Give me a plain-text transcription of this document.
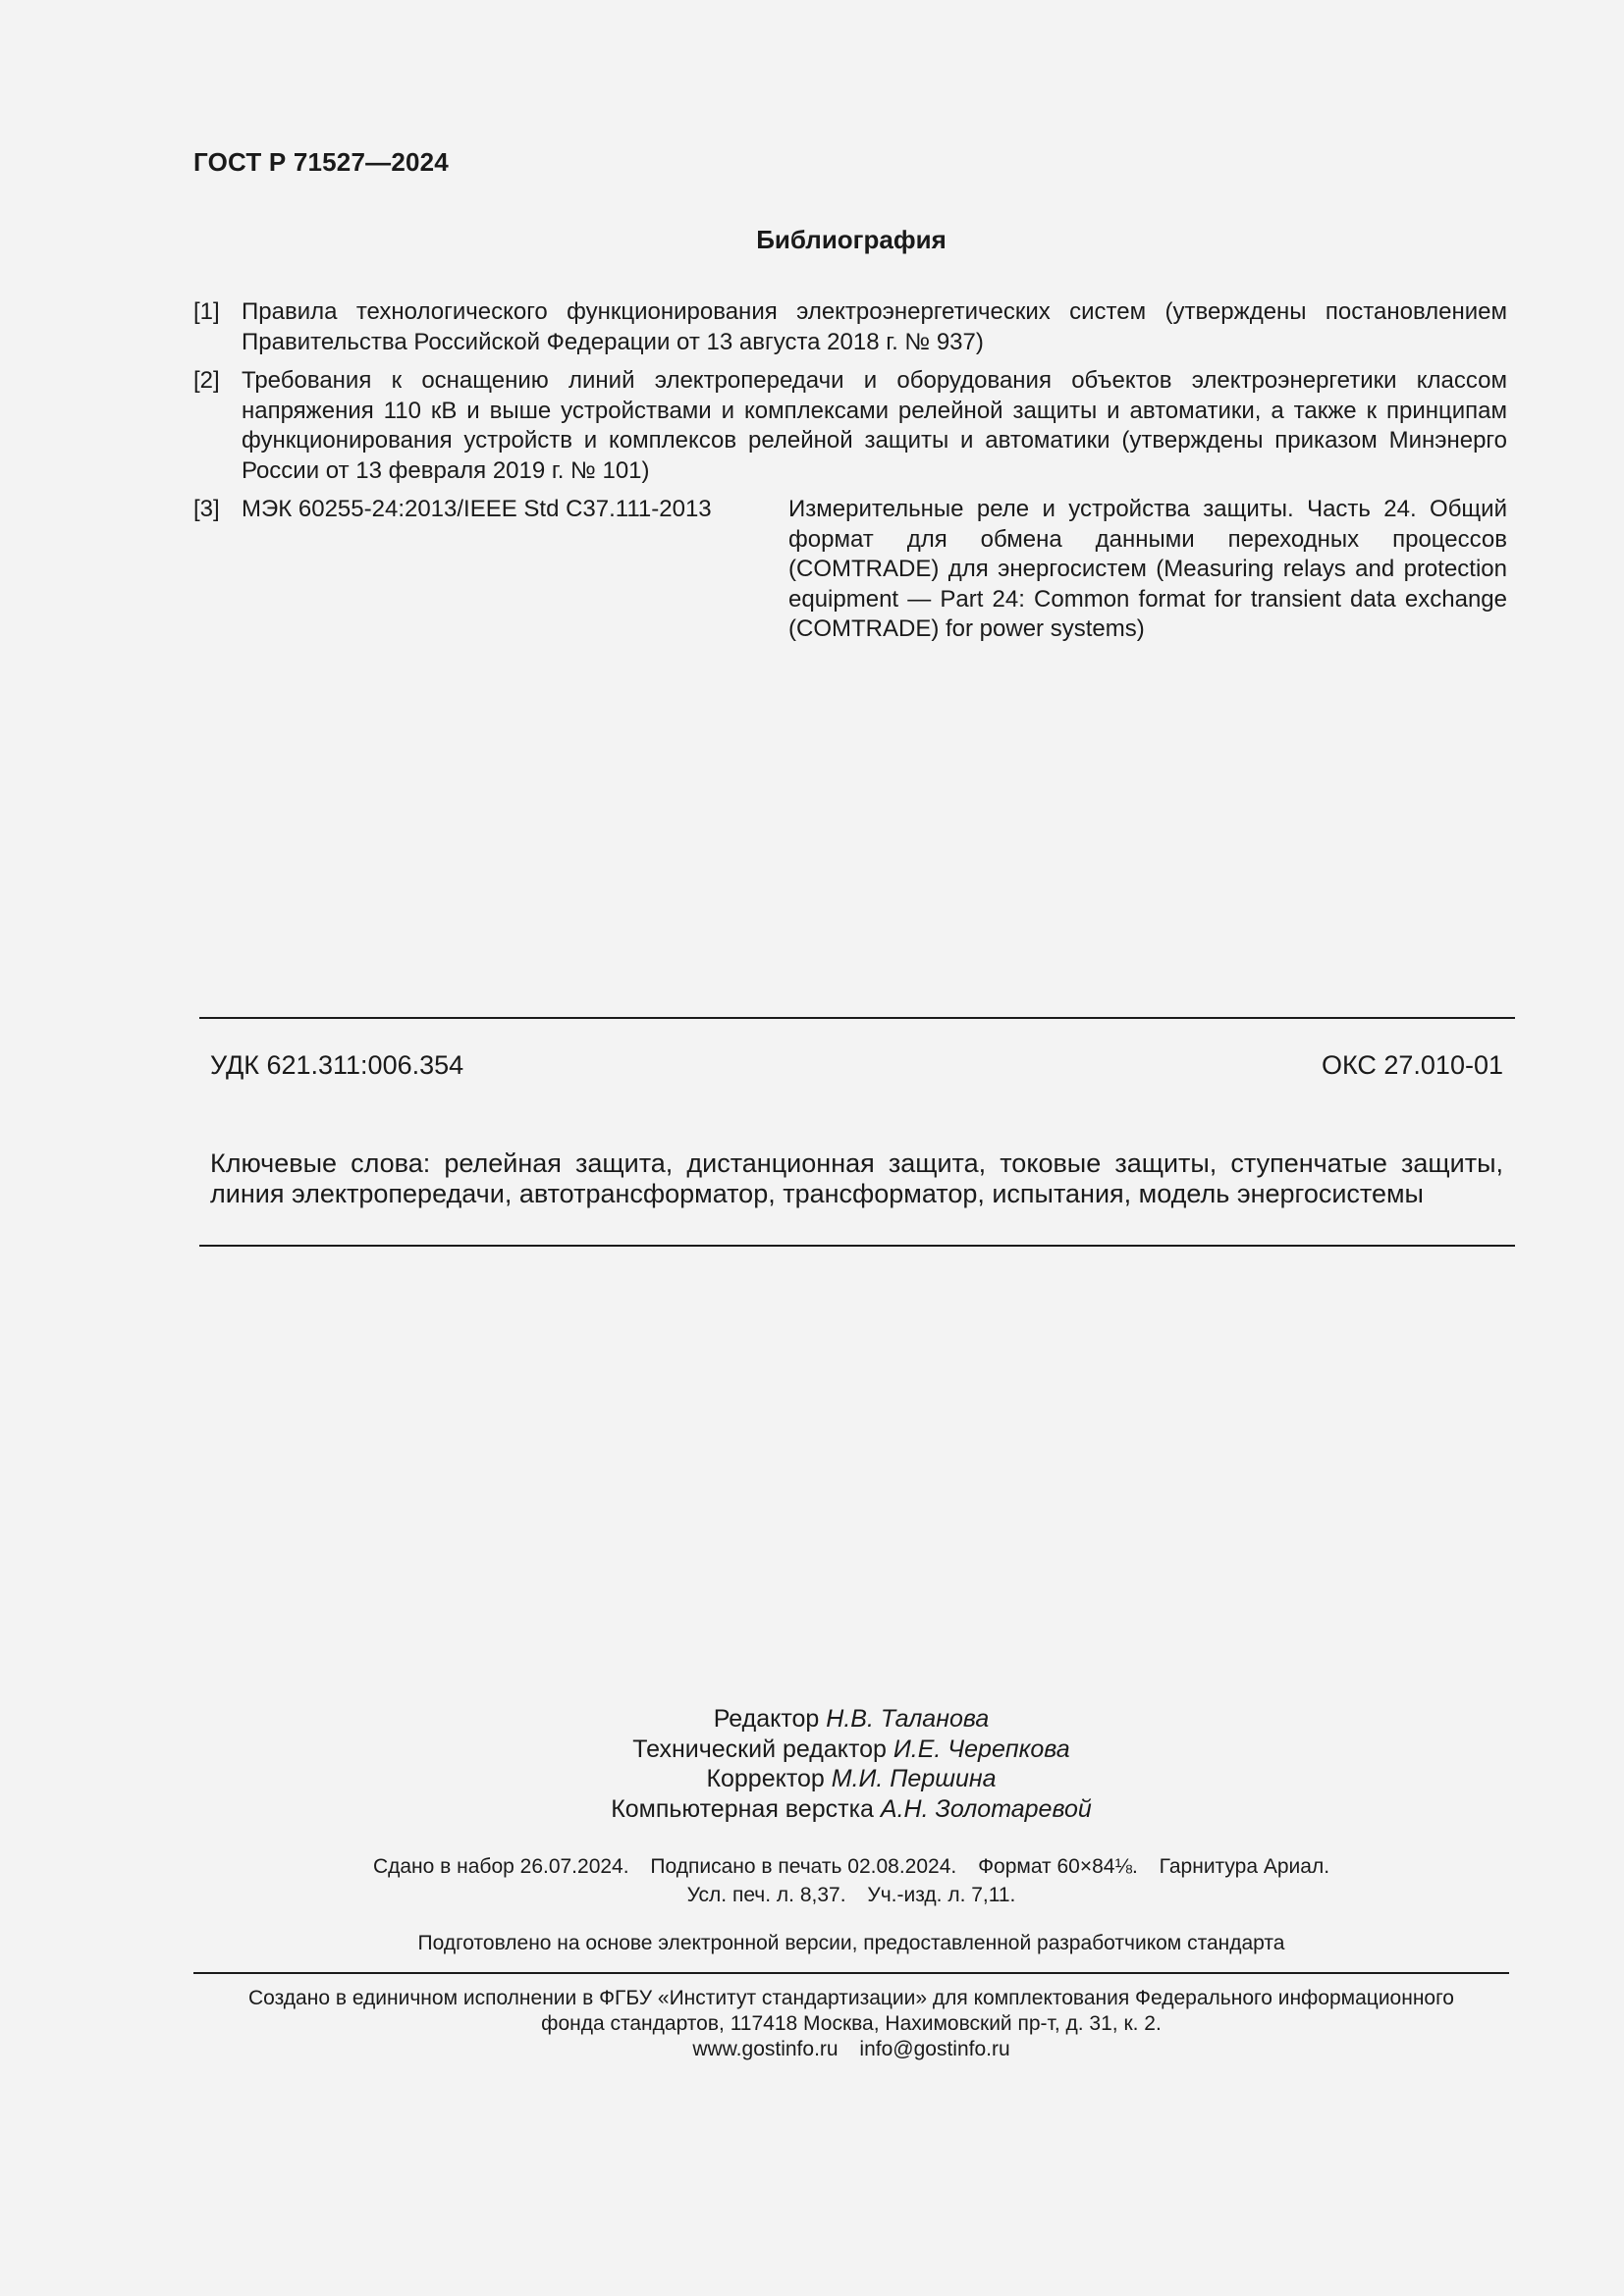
ГОСТ Р 71527—2024
Библиография
[1] Правила технологического функционирования электроэнергетических систем (утверждены постановлением Правительства Российской Федерации от 13 августа 2018 г. № 937)
[2] Требования к оснащению линий электропередачи и оборудования объектов электроэнергетики классом напряжения 110 кВ и выше устройствами и комплексами релейной защиты и автоматики, а также к принципам функционирования устройств и комплексов релейной защиты и автоматики (утверждены приказом Минэнерго России от 13 февраля 2019 г. № 101)
[3] МЭК 60255-24:2013/IEEE Std C37.111-2013	Измерительные реле и устройства защиты. Часть 24. Общий формат для обмена данными переходных процессов (COMTRADE) для энергосистем (Measuring relays and protection equipment — Part 24: Common format for transient data exchange (COMTRADE) for power systems)
УДК 621.311:006.354	ОКС 27.010-01
Ключевые слова: релейная защита, дистанционная защита, токовые защиты, ступенчатые защиты, линия электропередачи, автотрансформатор, трансформатор, испытания, модель энергосистемы
Редактор Н.В. Таланова
Технический редактор И.Е. Черепкова
Корректор М.И. Першина
Компьютерная верстка А.Н. Золотаревой
Сдано в набор 26.07.2024. Подписано в печать 02.08.2024. Формат 60×84⅛. Гарнитура Ариал.
Усл. печ. л. 8,37. Уч.-изд. л. 7,11.
Подготовлено на основе электронной версии, предоставленной разработчиком стандарта
Создано в единичном исполнении в ФГБУ «Институт стандартизации» для комплектования Федерального информационного
фонда стандартов, 117418 Москва, Нахимовский пр-т, д. 31, к. 2.
www.gostinfo.ru info@gostinfo.ru
